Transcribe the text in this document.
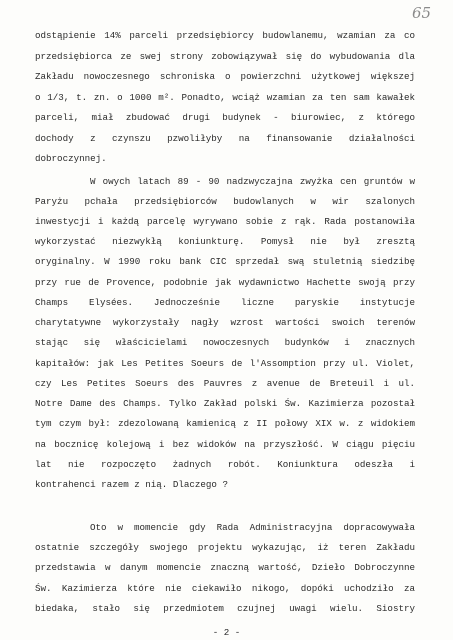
65
odstąpienie 14% parceli przedsiębiorcy budowlanemu, wzamian za co
przedsiębiorca ze swej strony zobowiązywał się do wybudowania dla
Zakładu nowoczesnego schroniska o powierzchni użytkowej większej
o 1/3, t. zn. o 1000 m². Ponadto, wciąż wzamian za ten sam kawałek
parceli, miał zbudować drugi budynek - biurowiec, z którego
dochody z czynszu pzwoliłyby na finansowanie działalności
dobroczynnej.
W owych latach 89 - 90 nadzwyczajna zwyżka cen gruntów w
Paryżu pchała przedsiębiorców budowlanych w wir szalonych
inwestycji i każdą parcelę wyrywano sobie z rąk. Rada postanowiła
wykorzystać niezwykłą koniunkturę. Pomysł nie był zresztą
oryginalny. W 1990 roku bank CIC sprzedał swą stuletnią siedzibę
przy rue de Provence, podobnie jak wydawnictwo Hachette swoją przy
Champs Elysées. Jednocześnie liczne paryskie instytucje
charytatywne wykorzystały nagły wzrost wartości swoich terenów
stając się właścicielami nowoczesnych budynków i znacznych
kapitałów: jak Les Petites Soeurs de l'Assomption przy ul. Violet,
czy Les Petites Soeurs des Pauvres z avenue de Breteuil i ul.
Notre Dame des Champs. Tylko Zakład polski Św. Kazimierza pozostał
tym czym był: zdezolowaną kamienicą z II połowy XIX w. z widokiem
na bocznicę kolejową i bez widoków na przyszłość. W ciągu pięciu
lat nie rozpoczęto żadnych robót. Koniunktura odeszła i
kontrahenci razem z nią. Dlaczego ?
Oto w momencie gdy Rada Administracyjna dopracowywała
ostatnie szczegóły swojego projektu wykazując, iż teren Zakładu
przedstawia w danym momencie znaczną wartość, Dzieło Dobroczynne
Św. Kazimierza które nie ciekawiło nikogo, dopóki uchodziło za
biedaka, stało się przedmiotem czujnej uwagi wielu. Siostry
- 2 -
